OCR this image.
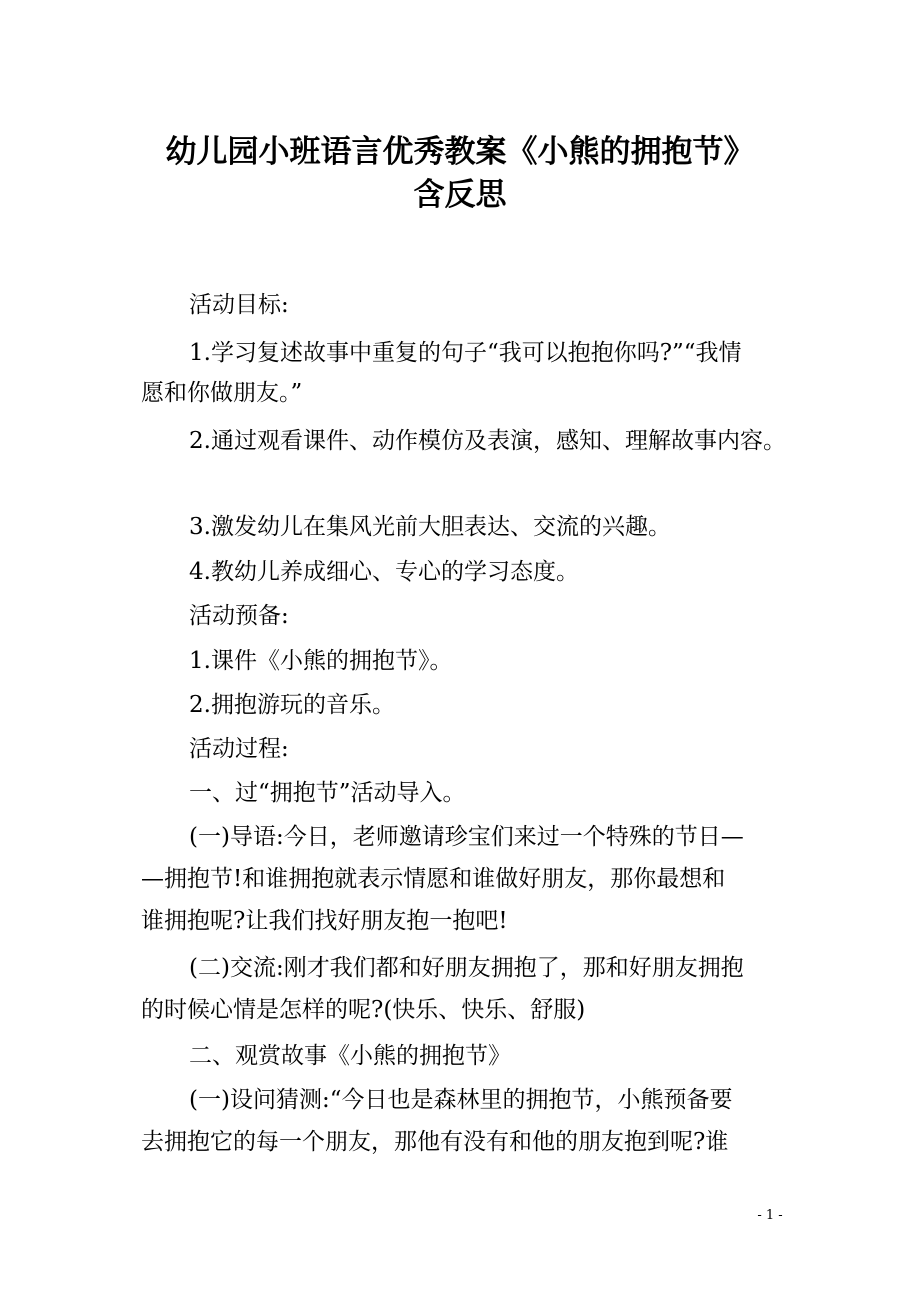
幼儿园小班语言优秀教案《小熊的拥抱节》
含反思

活动目标:

1.学习复述故事中重复的句子“我可以抱抱你吗?”“我情

愿和你做朋友。”

2.通过观看课件、动作模仿及表演，感知、理解故事内容。

3.激发幼儿在集风光前大胆表达、交流的兴趣。

4.教幼儿养成细心、专心的学习态度。

活动预备:

1.课件《小熊的拥抱节》。

2.拥抱游玩的音乐。

活动过程:

一、过“拥抱节”活动导入。

(一)导语:今日，老师邀请珍宝们来过一个特殊的节日—

—拥抱节!和谁拥抱就表示情愿和谁做好朋友，那你最想和

谁拥抱呢?让我们找好朋友抱一抱吧!

(二)交流:刚才我们都和好朋友拥抱了，那和好朋友拥抱

的时候心情是怎样的呢?(快乐、快乐、舒服)

二、观赏故事《小熊的拥抱节》

(一)设问猜测:“今日也是森林里的拥抱节，小熊预备要

去拥抱它的每一个朋友，那他有没有和他的朋友抱到呢?谁

- 1 -
